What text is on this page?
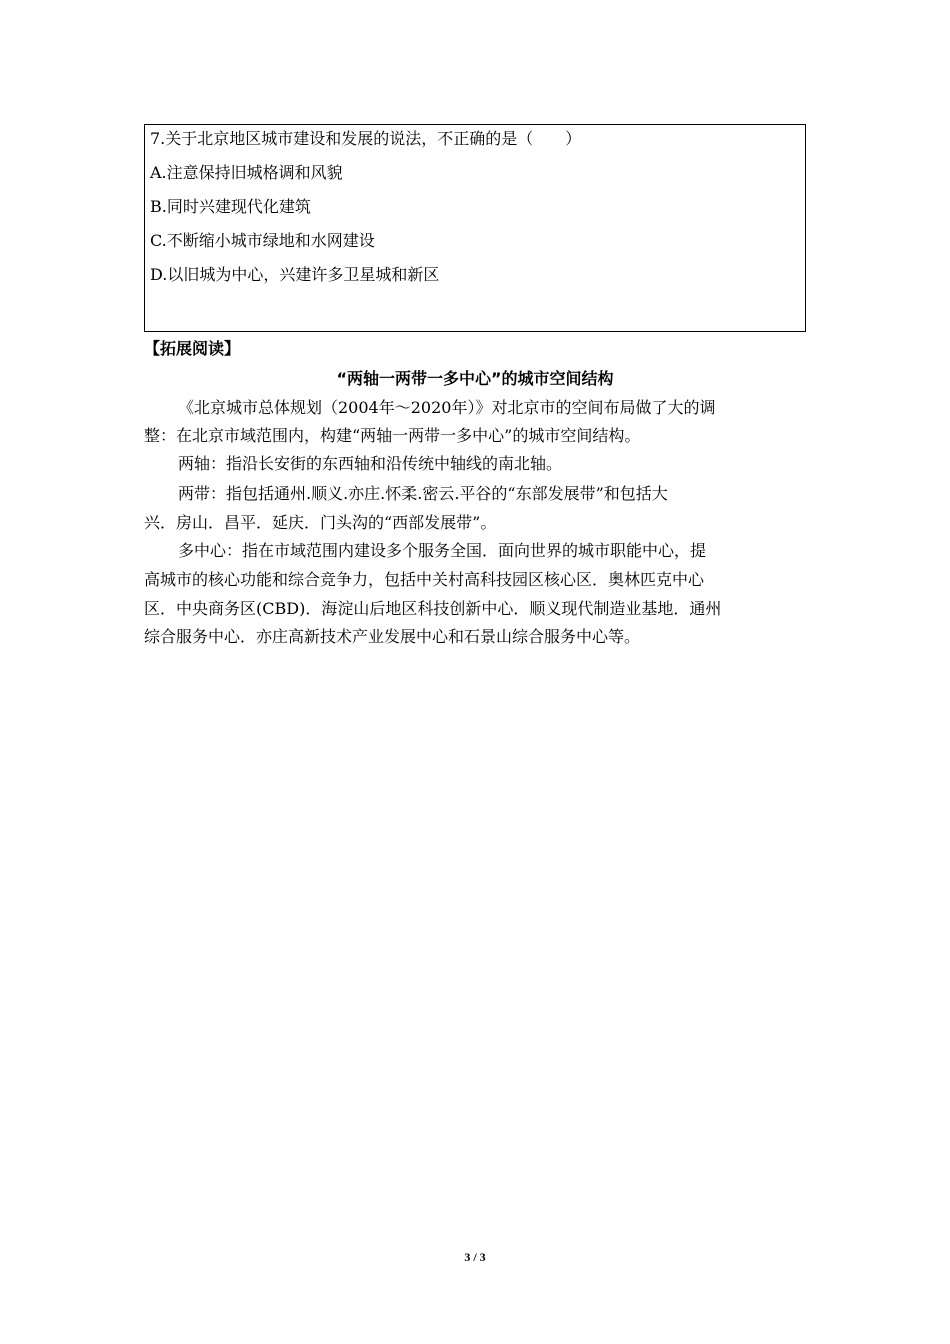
7.关于北京地区城市建设和发展的说法，不正确的是（　　）
A.注意保持旧城格调和风貌
B.同时兴建现代化建筑
C.不断缩小城市绿地和水网建设
D.以旧城为中心，兴建许多卫星城和新区
【拓展阅读】
“两轴一两带一多中心”的城市空间结构
《北京城市总体规划（2004年～2020年）》对北京市的空间布局做了大的调
整：在北京市域范围内，构建“两轴一两带一多中心”的城市空间结构。
两轴：指沿长安街的东西轴和沿传统中轴线的南北轴。
两带：指包括通州.顺义.亦庄.怀柔.密云.平谷的“东部发展带”和包括大
兴．房山．昌平．延庆．门头沟的“西部发展带”。
多中心：指在市域范围内建设多个服务全国．面向世界的城市职能中心，提
高城市的核心功能和综合竞争力，包括中关村高科技园区核心区．奥林匹克中心
区．中央商务区(CBD)．海淀山后地区科技创新中心．顺义现代制造业基地．通州
综合服务中心．亦庄高新技术产业发展中心和石景山综合服务中心等。
3 / 3
